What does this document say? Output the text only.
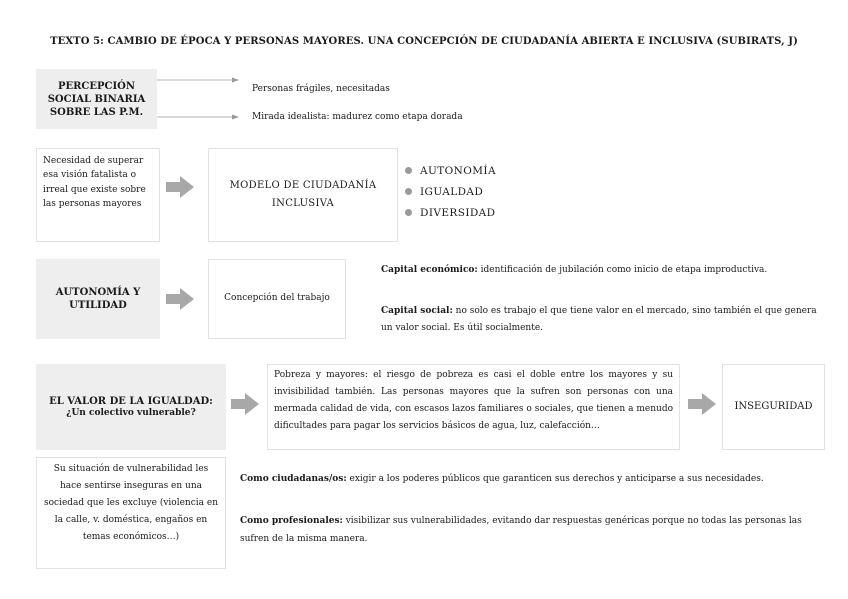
TEXTO 5: CAMBIO DE ÉPOCA Y PERSONAS MAYORES. UNA CONCEPCIÓN DE CIUDADANÍA ABIERTA E INCLUSIVA (SUBIRATS, J)
PERCEPCIÓN SOCIAL BINARIA SOBRE LAS P.M.
Personas frágiles, necesitadas
Mirada idealista: madurez como etapa dorada
Necesidad de superar esa visión fatalista o irreal que existe sobre las personas mayores
MODELO DE CIUDADANÍA INCLUSIVA
AUTONOMÍA
IGUALDAD
DIVERSIDAD
AUTONOMÍA Y UTILIDAD
Concepción del trabajo
Capital económico: identificación de jubilación como inicio de etapa improductiva.
Capital social: no solo es trabajo el que tiene valor en el mercado, sino también el que genera un valor social. Es útil socialmente.
EL VALOR DE LA IGUALDAD:
¿Un colectivo vulnerable?
Pobreza y mayores: el riesgo de pobreza es casi el doble entre los mayores y su invisibilidad también. Las personas mayores que la sufren son personas con una mermada calidad de vida, con escasos lazos familiares o sociales, que tienen a menudo dificultades para pagar los servicios básicos de agua, luz, calefacción…
INSEGURIDAD
Su situación de vulnerabilidad les hace sentirse inseguras en una sociedad que les excluye (violencia en la calle, v. doméstica, engaños en temas económicos…)
Como ciudadanas/os: exigir a los poderes públicos que garanticen sus derechos y anticiparse a sus necesidades.
Como profesionales: visibilizar sus vulnerabilidades, evitando dar respuestas genéricas porque no todas las personas las sufren de la misma manera.
